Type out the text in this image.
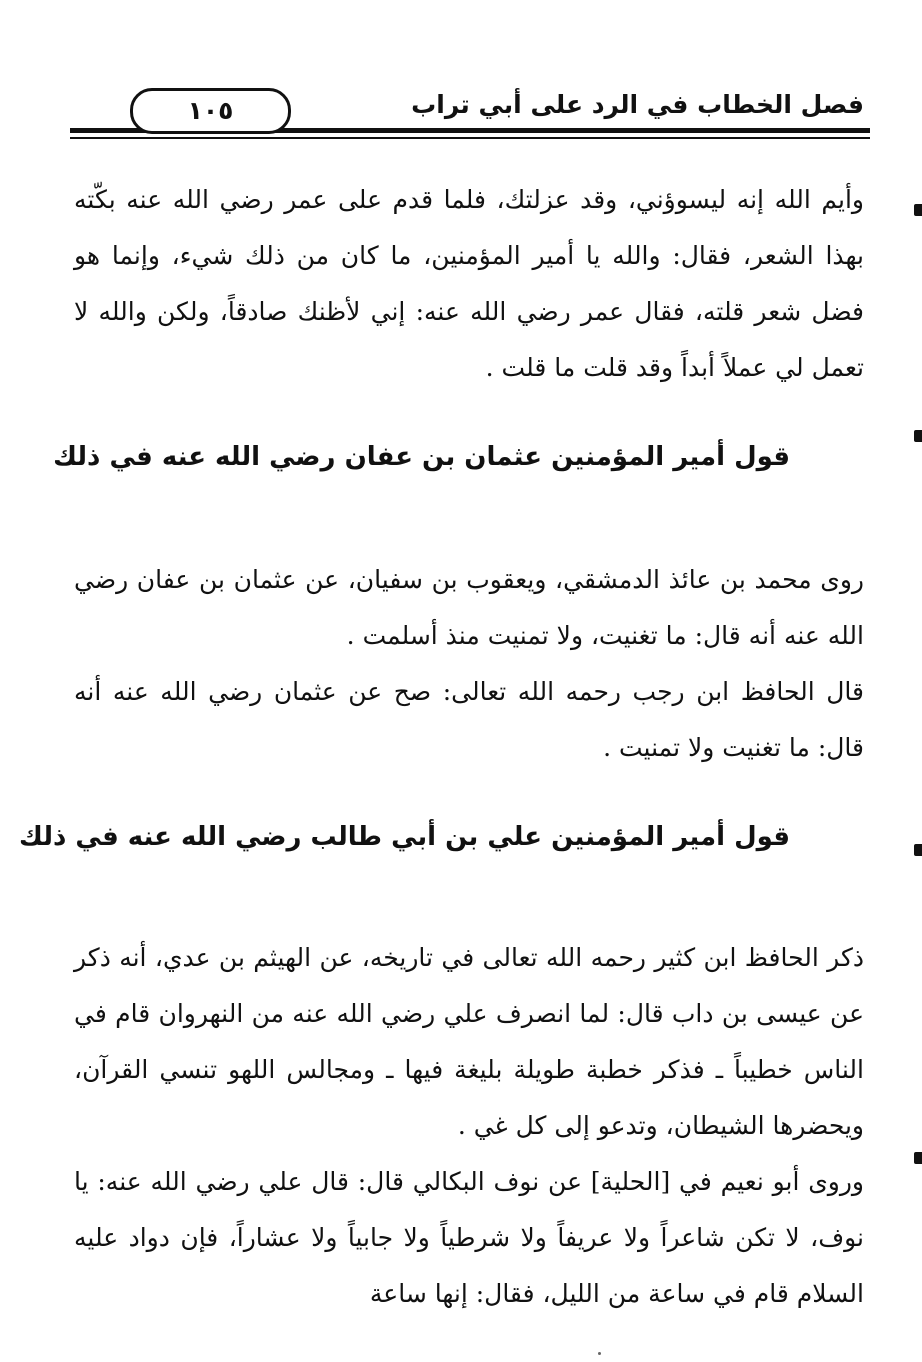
فصل الخطاب في الرد على أبي تراب
١٠٥

وأيم الله إنه ليسوؤني، وقد عزلتك، فلما قدم على عمر رضي الله عنه بكّته بهذا الشعر، فقال: والله يا أمير المؤمنين، ما كان من ذلك شيء، وإنما هو فضل شعر قلته، فقال عمر رضي الله عنه: إني لأظنك صادقاً، ولكن والله لا تعمل لي عملاً أبداً وقد قلت ما قلت .

قول أمير المؤمنين عثمان بن عفان رضي الله عنه في ذلك

روى محمد بن عائذ الدمشقي، ويعقوب بن سفيان، عن عثمان بن عفان رضي الله عنه أنه قال: ما تغنيت، ولا تمنيت منذ أسلمت .

قال الحافظ ابن رجب رحمه الله تعالى: صح عن عثمان رضي الله عنه أنه قال: ما تغنيت ولا تمنيت .

قول أمير المؤمنين علي بن أبي طالب رضي الله عنه في ذلك

ذكر الحافظ ابن كثير رحمه الله تعالى في تاريخه، عن الهيثم بن عدي، أنه ذكر عن عيسى بن داب قال: لما انصرف علي رضي الله عنه من النهروان قام في الناس خطيباً ـ فذكر خطبة طويلة بليغة فيها ـ ومجالس اللهو تنسي القرآن، ويحضرها الشيطان، وتدعو إلى كل غي .

وروى أبو نعيم في [الحلية] عن نوف البكالي قال: قال علي رضي الله عنه: يا نوف، لا تكن شاعراً ولا عريفاً ولا شرطياً ولا جابياً ولا عشاراً، فإن دواد عليه السلام قام في ساعة من الليل، فقال: إنها ساعة
